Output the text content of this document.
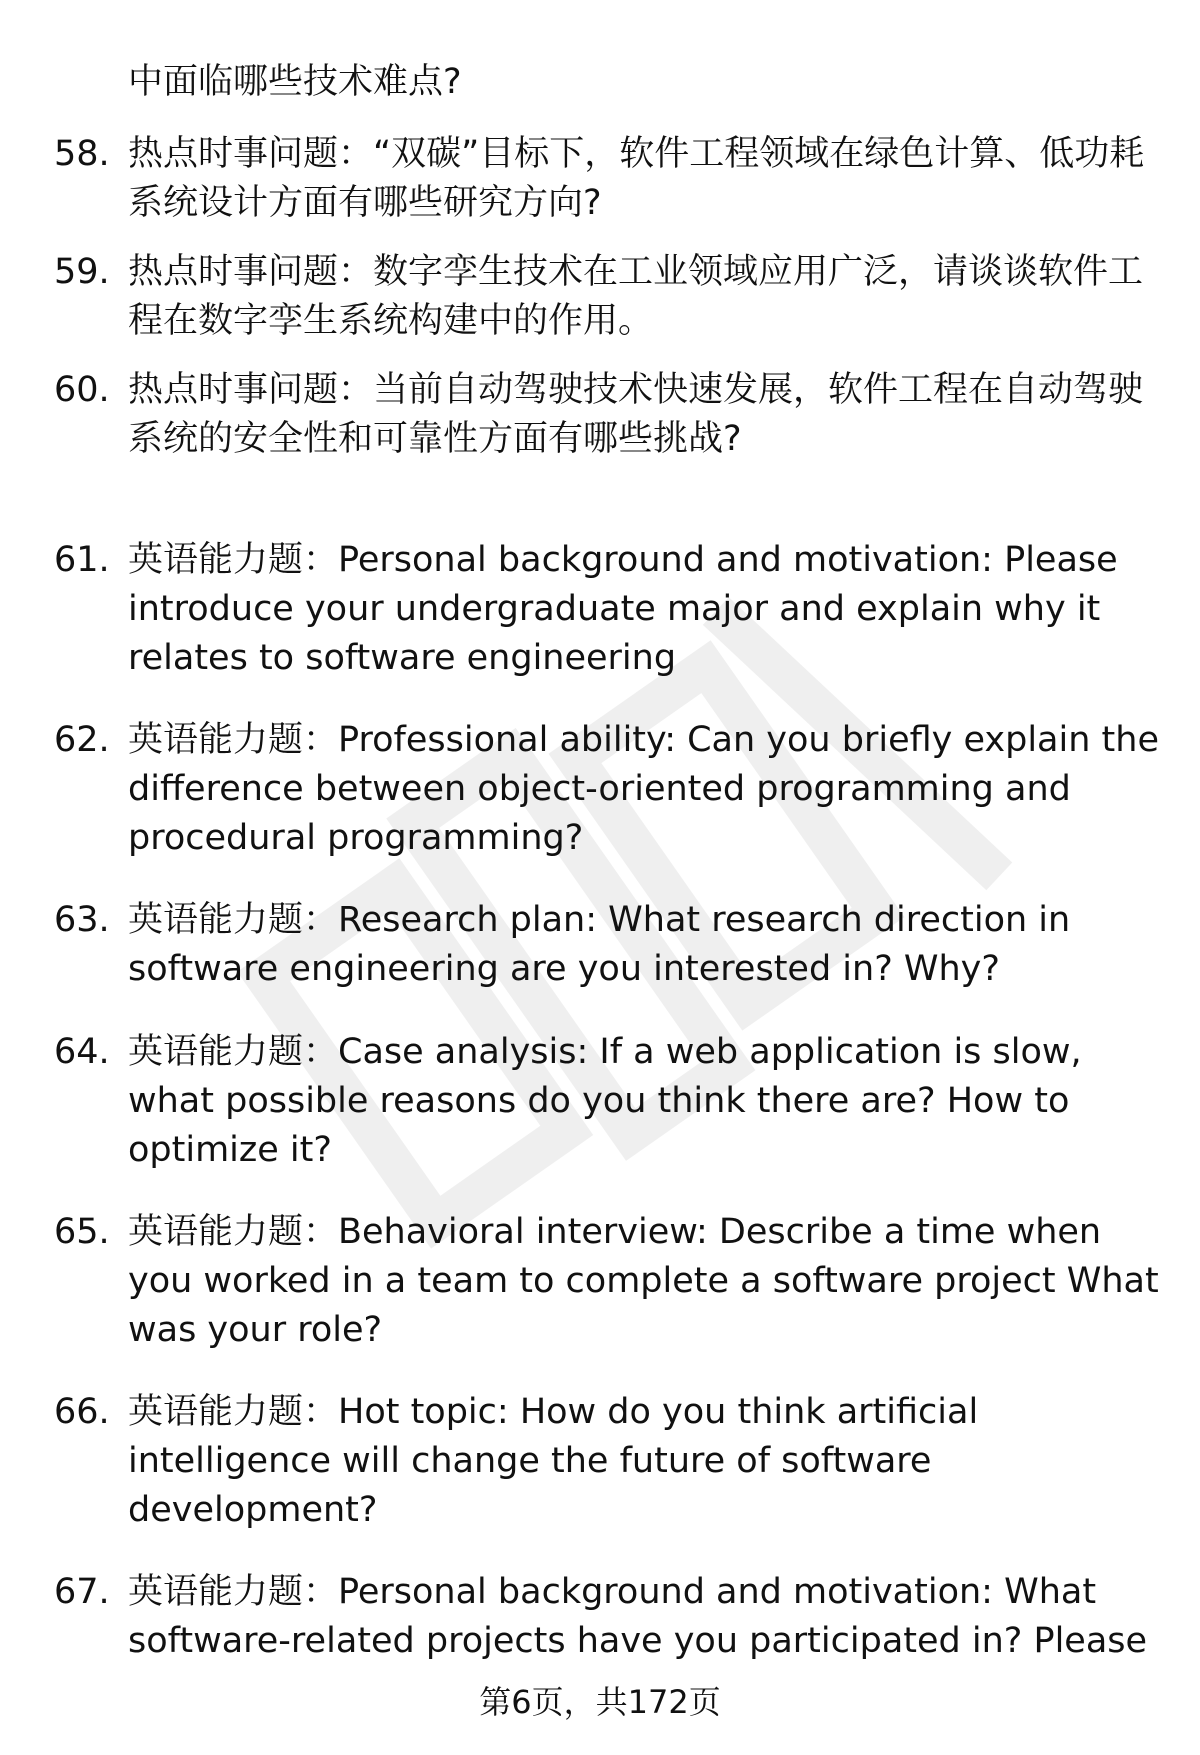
中面临哪些技术难点?
58. 热点时事问题：“双碳”目标下，软件工程领域在绿色计算、低功耗系统设计方面有哪些研究方向?
59. 热点时事问题：数字孪生技术在工业领域应用广泛，请谈谈软件工程在数字孪生系统构建中的作用。
60. 热点时事问题：当前自动驾驶技术快速发展，软件工程在自动驾驶系统的安全性和可靠性方面有哪些挑战?
61. 英语能力题：Personal background and motivation: Please introduce your undergraduate major and explain why it relates to software engineering
62. 英语能力题：Professional ability: Can you briefly explain the difference between object-oriented programming and procedural programming?
63. 英语能力题：Research plan: What research direction in software engineering are you interested in? Why?
64. 英语能力题：Case analysis: If a web application is slow, what possible reasons do you think there are? How to optimize it?
65. 英语能力题：Behavioral interview: Describe a time when you worked in a team to complete a software project What was your role?
66. 英语能力题：Hot topic: How do you think artificial intelligence will change the future of software development?
67. 英语能力题：Personal background and motivation: What software-related projects have you participated in? Please
第6页，共172页
